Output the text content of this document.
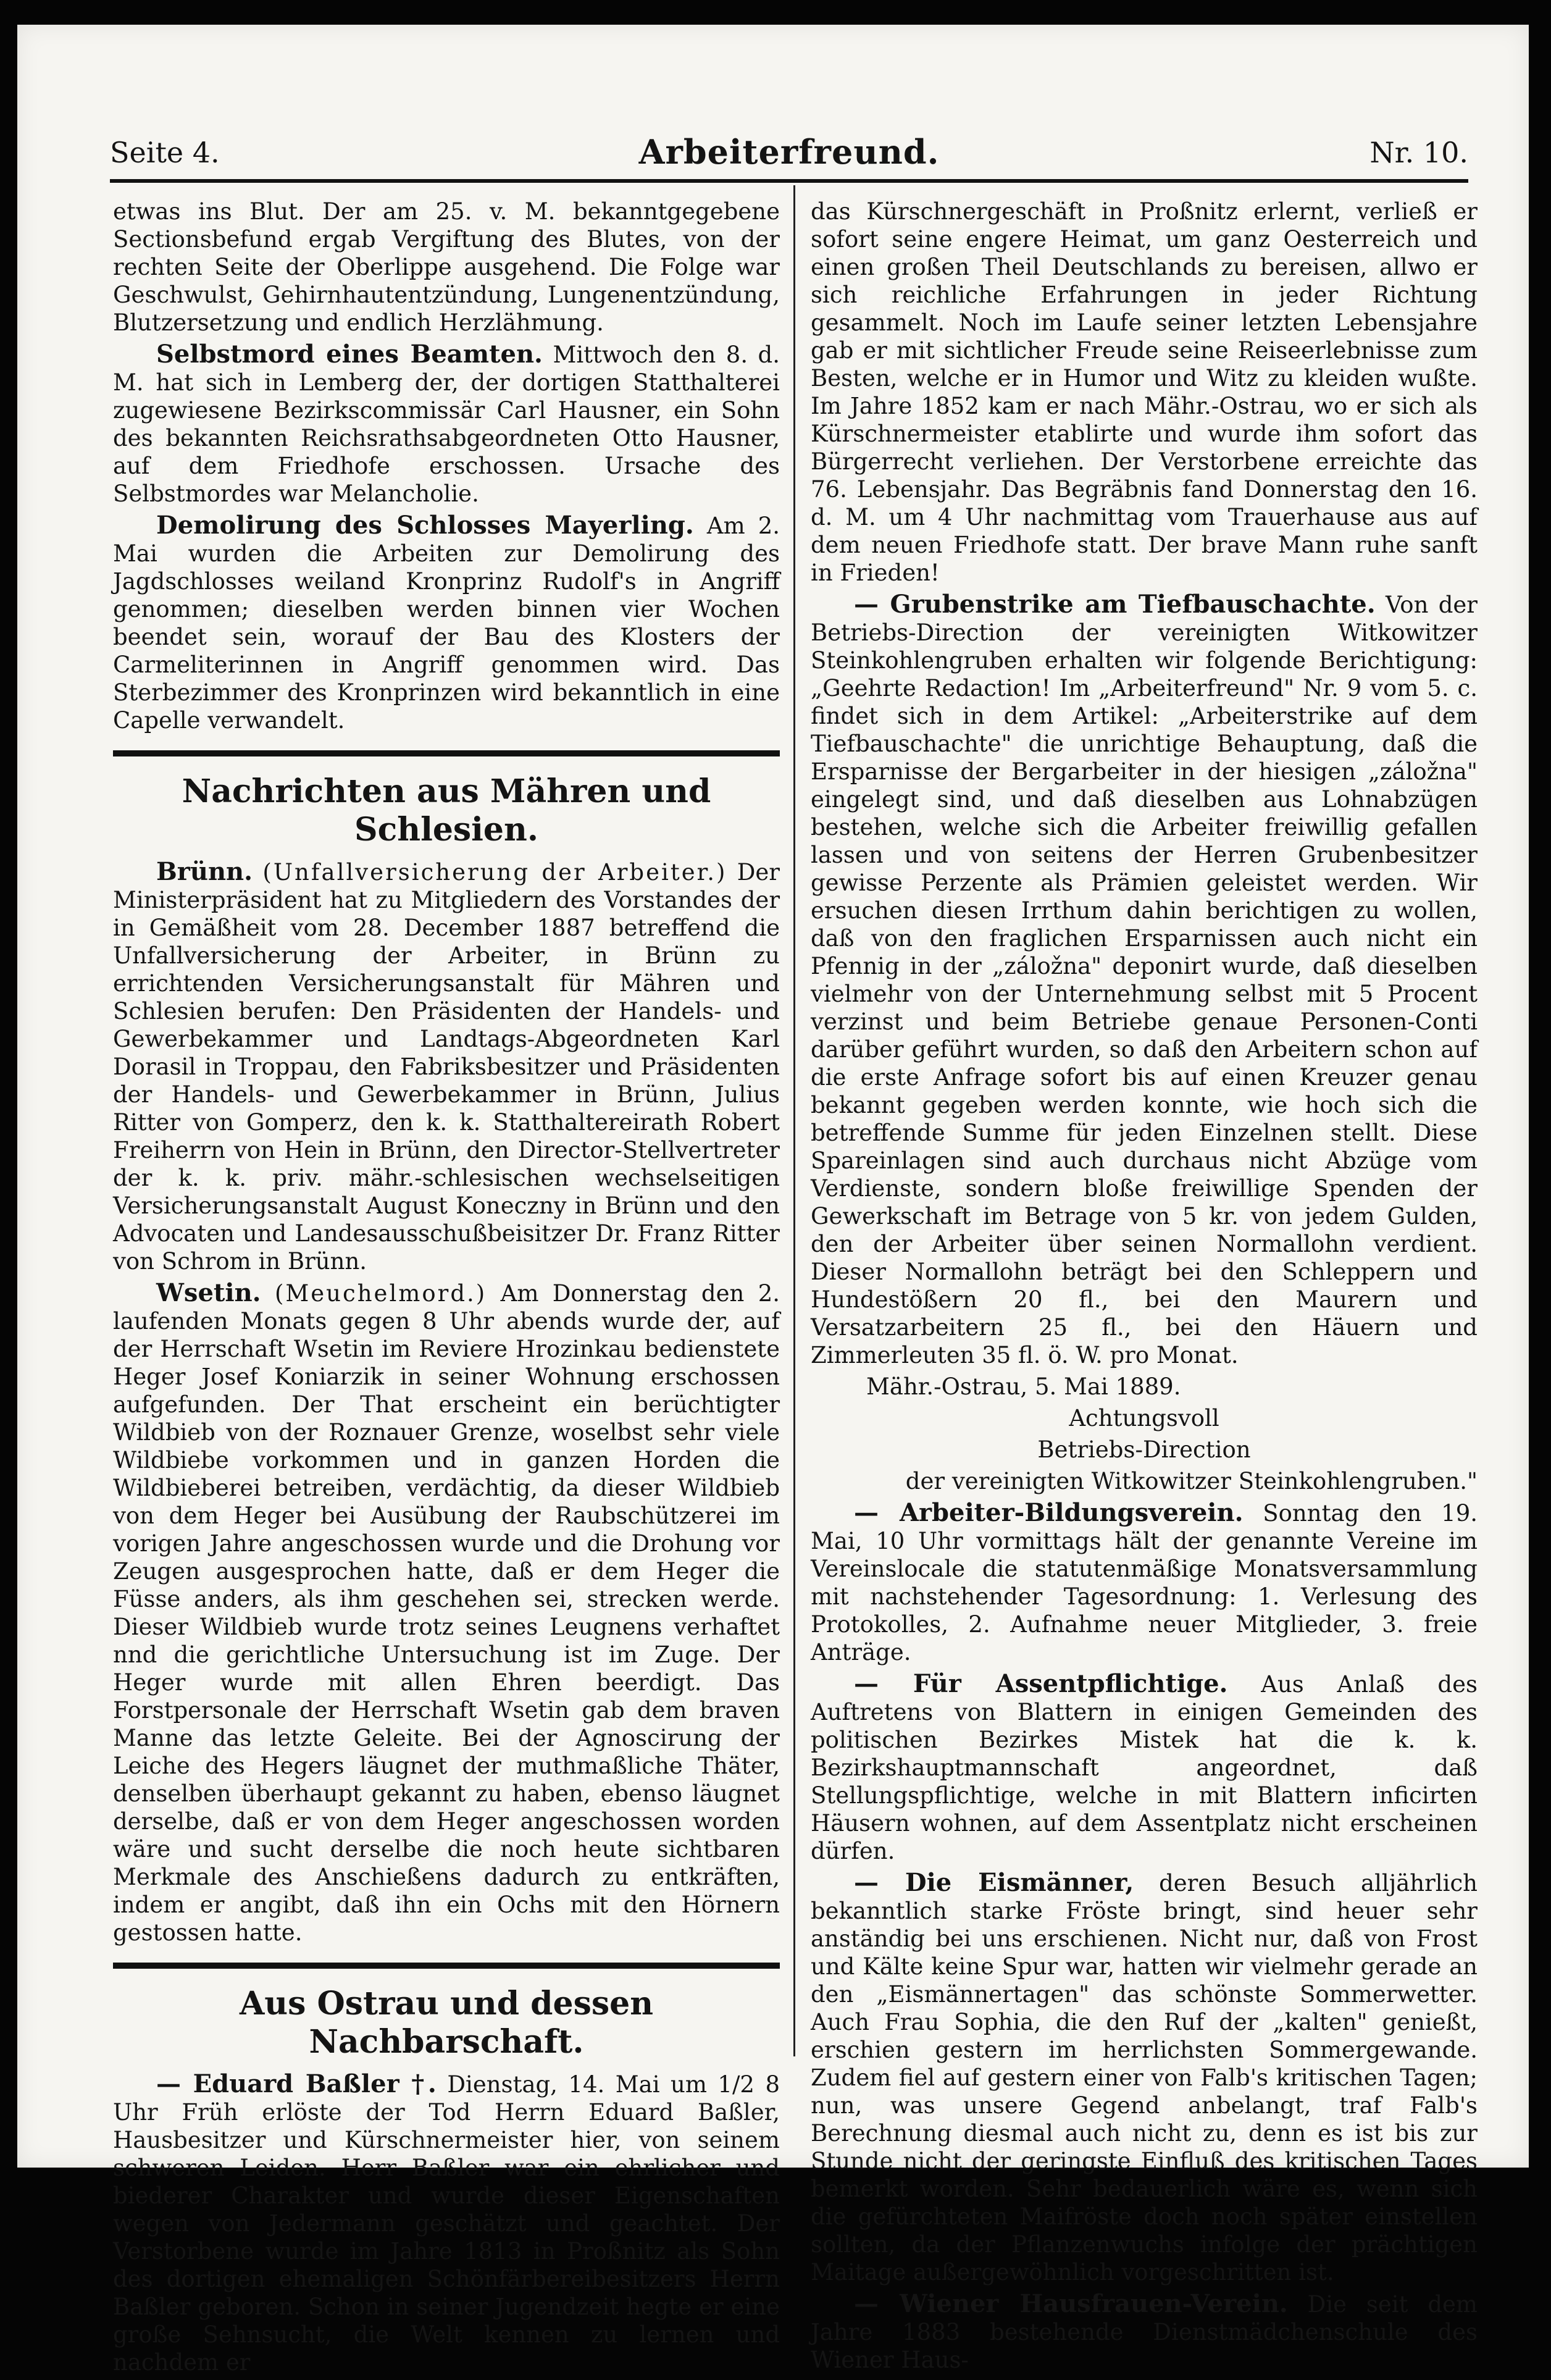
Seite 4.	Arbeiterfreund.	Nr. 10.

etwas ins Blut. Der am 25. v. M. bekanntgegebene Sectionsbefund ergab Vergiftung des Blutes, von der rechten Seite der Oberlippe ausgehend. Die Folge war Geschwulst, Gehirnhautentzündung, Lungenentzündung, Blutzersetzung und endlich Herzlähmung.

Selbstmord eines Beamten. Mittwoch den 8. d. M. hat sich in Lemberg der, der dortigen Statthalterei zugewiesene Bezirkscommissär Carl Hausner, ein Sohn des bekannten Reichsrathsabgeordneten Otto Hausner, auf dem Friedhofe erschossen. Ursache des Selbstmordes war Melancholie.

Demolirung des Schlosses Mayerling. Am 2. Mai wurden die Arbeiten zur Demolirung des Jagdschlosses weiland Kronprinz Rudolf's in Angriff genommen; dieselben werden binnen vier Wochen beendet sein, worauf der Bau des Klosters der Carmeliterinnen in Angriff genommen wird. Das Sterbezimmer des Kronprinzen wird bekanntlich in eine Capelle verwandelt.

Nachrichten aus Mähren und Schlesien.

Brünn. (Unfallversicherung der Arbeiter.) Der Ministerpräsident hat zu Mitgliedern des Vorstandes der in Gemäßheit vom 28. December 1887 betreffend die Unfallversicherung der Arbeiter, in Brünn zu errichtenden Versicherungsanstalt für Mähren und Schlesien berufen: Den Präsidenten der Handels- und Gewerbekammer und Landtags-Abgeordneten Karl Dorasil in Troppau, den Fabriksbesitzer und Präsidenten der Handels- und Gewerbekammer in Brünn, Julius Ritter von Gomperz, den k. k. Statthaltereirath Robert Freiherrn von Hein in Brünn, den Director-Stellvertreter der k. k. priv. mähr.-schlesischen wechselseitigen Versicherungsanstalt August Koneczny in Brünn und den Advocaten und Landesausschußbeisitzer Dr. Franz Ritter von Schrom in Brünn.

Wsetin. (Meuchelmord.) Am Donnerstag den 2. laufenden Monats gegen 8 Uhr abends wurde der, auf der Herrschaft Wsetin im Reviere Hrozinkau bedienstete Heger Josef Koniarzik in seiner Wohnung erschossen aufgefunden. Der That erscheint ein berüchtigter Wildbieb von der Roznauer Grenze, woselbst sehr viele Wildbiebe vorkommen und in ganzen Horden die Wildbieberei betreiben, verdächtig, da dieser Wildbieb von dem Heger bei Ausübung der Raubschützerei im vorigen Jahre angeschossen wurde und die Drohung vor Zeugen ausgesprochen hatte, daß er dem Heger die Füsse anders, als ihm geschehen sei, strecken werde. Dieser Wildbieb wurde trotz seines Leugnens verhaftet nnd die gerichtliche Untersuchung ist im Zuge. Der Heger wurde mit allen Ehren beerdigt. Das Forstpersonale der Herrschaft Wsetin gab dem braven Manne das letzte Geleite. Bei der Agnoscirung der Leiche des Hegers läugnet der muthmaßliche Thäter, denselben überhaupt gekannt zu haben, ebenso läugnet derselbe, daß er von dem Heger angeschossen worden wäre und sucht derselbe die noch heute sichtbaren Merkmale des Anschießens dadurch zu entkräften, indem er angibt, daß ihn ein Ochs mit den Hörnern gestossen hatte.

Aus Ostrau und dessen Nachbarschaft.

— Eduard Baßler †. Dienstag, 14. Mai um 1/2 8 Uhr Früh erlöste der Tod Herrn Eduard Baßler, Hausbesitzer und Kürschnermeister hier, von seinem schweren Leiden. Herr Baßler war ein ehrlicher und biederer Charakter und wurde dieser Eigenschaften wegen von Jedermann geschätzt und geachtet. Der Verstorbene wurde im Jahre 1813 in Proßnitz als Sohn des dortigen ehemaligen Schönfärbereibesitzers Herrn Baßler geboren. Schon in seiner Jugendzeit hegte er eine große Sehnsucht, die Welt kennen zu lernen und nachdem er

das Kürschnergeschäft in Proßnitz erlernt, verließ er sofort seine engere Heimat, um ganz Oesterreich und einen großen Theil Deutschlands zu bereisen, allwo er sich reichliche Erfahrungen in jeder Richtung gesammelt. Noch im Laufe seiner letzten Lebensjahre gab er mit sichtlicher Freude seine Reiseerlebnisse zum Besten, welche er in Humor und Witz zu kleiden wußte. Im Jahre 1852 kam er nach Mähr.-Ostrau, wo er sich als Kürschnermeister etablirte und wurde ihm sofort das Bürgerrecht verliehen. Der Verstorbene erreichte das 76. Lebensjahr. Das Begräbnis fand Donnerstag den 16. d. M. um 4 Uhr nachmittag vom Trauerhause aus auf dem neuen Friedhofe statt. Der brave Mann ruhe sanft in Frieden!

— Grubenstrike am Tiefbauschachte. Von der Betriebs-Direction der vereinigten Witkowitzer Steinkohlengruben erhalten wir folgende Berichtigung: „Geehrte Redaction! Im „Arbeiterfreund" Nr. 9 vom 5. c. findet sich in dem Artikel: „Arbeiterstrike auf dem Tiefbauschachte" die unrichtige Behauptung, daß die Ersparnisse der Bergarbeiter in der hiesigen „záložna" eingelegt sind, und daß dieselben aus Lohnabzügen bestehen, welche sich die Arbeiter freiwillig gefallen lassen und von seitens der Herren Grubenbesitzer gewisse Perzente als Prämien geleistet werden. Wir ersuchen diesen Irrthum dahin berichtigen zu wollen, daß von den fraglichen Ersparnissen auch nicht ein Pfennig in der „záložna" deponirt wurde, daß dieselben vielmehr von der Unternehmung selbst mit 5 Procent verzinst und beim Betriebe genaue Personen-Conti darüber geführt wurden, so daß den Arbeitern schon auf die erste Anfrage sofort bis auf einen Kreuzer genau bekannt gegeben werden konnte, wie hoch sich die betreffende Summe für jeden Einzelnen stellt. Diese Spareinlagen sind auch durchaus nicht Abzüge vom Verdienste, sondern bloße freiwillige Spenden der Gewerkschaft im Betrage von 5 kr. von jedem Gulden, den der Arbeiter über seinen Normallohn verdient. Dieser Normallohn beträgt bei den Schleppern und Hundestößern 20 fl., bei den Maurern und Versatzarbeitern 25 fl., bei den Häuern und Zimmerleuten 35 fl. ö. W. pro Monat.

Mähr.-Ostrau, 5. Mai 1889.

Achtungsvoll

Betriebs-Direction

der vereinigten Witkowitzer Steinkohlengruben."

— Arbeiter-Bildungsverein. Sonntag den 19. Mai, 10 Uhr vormittags hält der genannte Vereine im Vereinslocale die statutenmäßige Monatsversammlung mit nachstehender Tagesordnung: 1. Verlesung des Protokolles, 2. Aufnahme neuer Mitglieder, 3. freie Anträge.

— Für Assentpflichtige. Aus Anlaß des Auftretens von Blattern in einigen Gemeinden des politischen Bezirkes Mistek hat die k. k. Bezirkshauptmannschaft angeordnet, daß Stellungspflichtige, welche in mit Blattern inficirten Häusern wohnen, auf dem Assentplatz nicht erscheinen dürfen.

— Die Eismänner, deren Besuch alljährlich bekanntlich starke Fröste bringt, sind heuer sehr anständig bei uns erschienen. Nicht nur, daß von Frost und Kälte keine Spur war, hatten wir vielmehr gerade an den „Eismännertagen" das schönste Sommerwetter. Auch Frau Sophia, die den Ruf der „kalten" genießt, erschien gestern im herrlichsten Sommergewande. Zudem fiel auf gestern einer von Falb's kritischen Tagen; nun, was unsere Gegend anbelangt, traf Falb's Berechnung diesmal auch nicht zu, denn es ist bis zur Stunde nicht der geringste Einfluß des kritischen Tages bemerkt worden. Sehr bedauerlich wäre es, wenn sich die gefürchteten Maifröste doch noch später einstellen sollten, da der Pflanzenwuchs infolge der prächtigen Maitage außergewöhnlich vorgeschritten ist.

— Wiener Hausfrauen-Verein. Die seit dem Jahre 1883 bestehende Dienstmädchenschule des Wiener Haus-
